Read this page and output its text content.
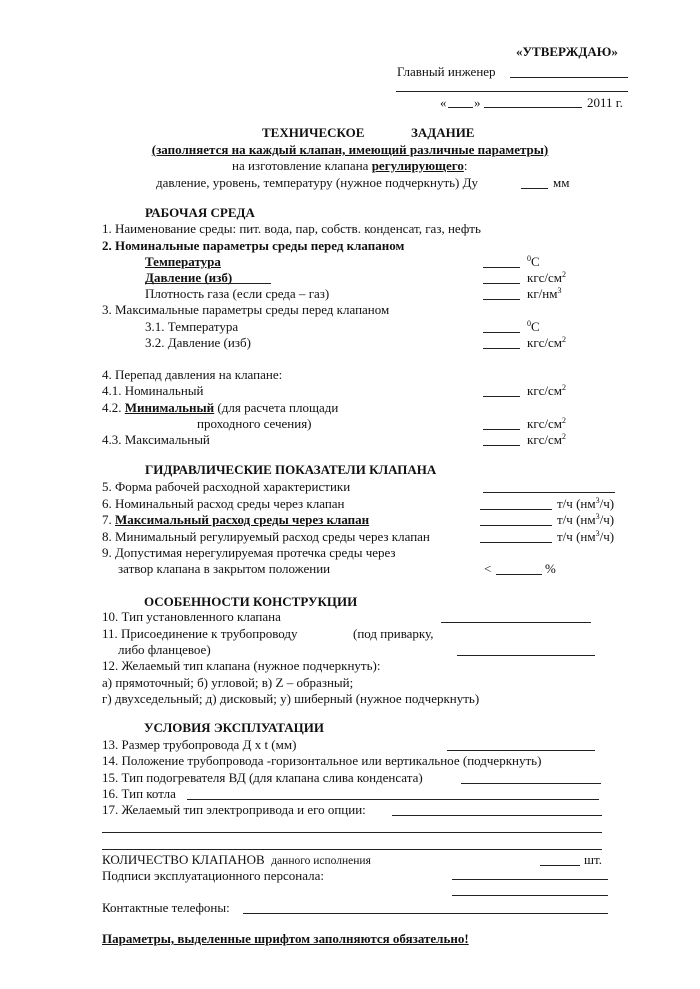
«УТВЕРЖДАЮ»
Главный инженер
« »	2011 г.
ТЕХНИЧЕСКОЕ	ЗАДАНИЕ
(заполняется на каждый клапан, имеющий различные параметры)
на изготовление клапана регулирующего:
давление, уровень, температуру (нужное подчеркнуть) Ду	мм
РАБОЧАЯ СРЕДА
1. Наименование среды: пит. вода, пар, собств. конденсат, газ, нефть
2. Номинальные параметры среды перед клапаном
Температура	$^0$С
Давление (изб)	кгс/$см^2$
Плотность газа (если среда – газ)	$кг/нм^3$
3. Максимальные параметры среды перед клапаном
3.1. Температура	$^0$С
3.2. Давление (изб)	кгс/$см^2$
4. Перепад давления на клапане:
4.1. Номинальный	кгс/$см^2$
4.2. Минимальный (для расчета площади
проходного сечения)	кгс/$см^2$
4.3. Максимальный	кгс/$см^2$
ГИДРАВЛИЧЕСКИЕ ПОКАЗАТЕЛИ КЛАПАНА
5. Форма рабочей расходной характеристики
6. Номинальный расход среды через клапан	т/ч $(нм^3/ч)$
7. Максимальный расход среды через клапан	т/ч $(нм^3/ч)$
8. Минимальный регулируемый расход среды через клапан	т/ч $(нм^3/ч)$
9. Допустимая нерегулируемая протечка среды через
затвор клапана в закрытом положении	<	%
ОСОБЕННОСТИ КОНСТРУКЦИИ
10. Тип установленного клапана
11. Присоединение к трубопроводу	(под приварку,
либо фланцевое)
12. Желаемый тип клапана (нужное подчеркнуть):
а) прямоточный; б) угловой; в) Z – образный;
г) двухседельный; д) дисковый; у) шиберный (нужное подчеркнуть)
УСЛОВИЯ ЭКСПЛУАТАЦИИ
13. Размер трубопровода Д х t (мм)
14. Положение трубопровода -горизонтальное или вертикальное (подчеркнуть)
15. Тип подогревателя ВД (для клапана слива конденсата)
16. Тип котла
17. Желаемый тип электропривода и его опции:
КОЛИЧЕСТВО КЛАПАНОВ данного исполнения	шт.
Подписи эксплуатационного персонала:
Контактные телефоны:
Параметры, выделенные шрифтом заполняются обязательно!
